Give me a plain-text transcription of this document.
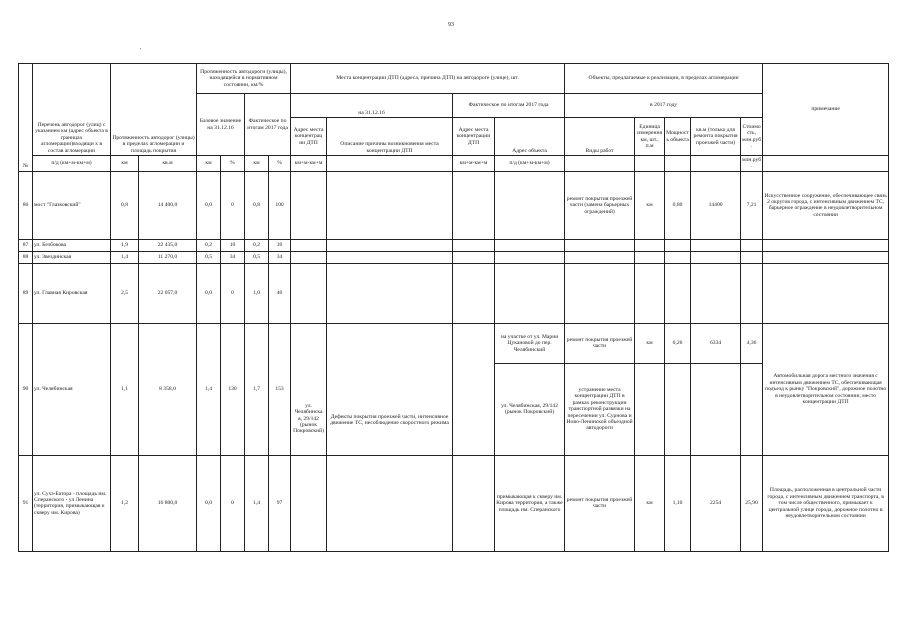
93
'
№	Перечень автодорог (улиц) с указанием км (адрес объекта в границах агломерации)входящи х в состав агломерации	Протяженность автодорог (улицы) в пределах агломерации и площадь покрытия		Протяженность автодороги (улицы), находящейся в нормативном состоянии, км/%				Места концентрации ДТП (адреса, причина ДТП) на автодороге (улице), шт.				Объекты, предлагаемые к реализации, в пределах агломерации					примечание
				Базовое значение на 31.12.16		Фактическое по итогам 2017 года		на 31.12.16		Фактическое по итогам 2017 года		в 2017 году					
								Адрес места концентрац ии ДТП	Описание причины возникновения места концентрации ДТП	Адрес места концентрации ДТП	Адрес объекта	Виды работ	Единица измерения км, шт., п.м	Мощность объекта	кв.м (только для ремонта покрытия проезжей части)	Стоимость, млн.руб.	
	п/д (км+м-км+м)	км	кв.м	км	%	км	%	км+м-км+м		км+м-км+м	п/д (км+м-км+м)					млн.руб.	
86	мост "Глазковский"	0,8	14 400,0	0,0	0	0,8	100					ремонт покрытия проезжей части (замена барьерных ограждений)	км	0,80	14400	7,21	Искусственное сооружение, обеспечивающее связь 2 округов города, с интенсивным движением ТС, барьерное ограждение в неудовлетворительном состоянии
87	ул. Безбокова	1,9	22 435,0	0,2	10	0,2	10										
88	ул. Звездинская	1,4	11 270,0	0,5	34	0,5	34										
89	ул. Главная Кировская	2,5	22 057,0	0,0	0	1,0	40										
90	ул. Челябинская	1,1	8 358,0	1,4	130	1,7	153	ул. Челябинска я, 29/142 (рынок Покровский)	Дефекты покрытия проезжей части, интенсивное движение ТС, несоблюдение скоростного режима		на участке от ул. Марии Цукановой до пер. Челябинский	ремонт покрытия проезжей части	км	0,26	6334	4,36	Автомобильная дорога местного значения с интенсивным движением ТС, обеспечивающая подъезд к рынку "Покровский", дорожное полотно в неудовлетворительном состоянии, место концентрации ДТП
											ул. Челябинская, 29/142 (рынок Покровский)	устранение места концентрации ДТП в рамках реконструкции транспортной развязки на пересечении ул. Сурнова и Ново-Ленинской объездной автодороги					
91	ул. Сухэ-Батора - площадь им. Сперанского - ул Ленина (территория, примыкающая к скверу им. Кирова)	1,2	16 800,0	0,0	0	1,4	97				примыкающая к скверу им. Кирова территория, а также площадь им. Сперанского	ремонт покрытия проезжей части	км	1,10	2254	25,90	Площадь, расположенная в центральной части города, с интенсивным движением транспорта, в том числе общественного, примыкает к центральной улице города, дорожное полотно в неудовлетворительном состоянии
